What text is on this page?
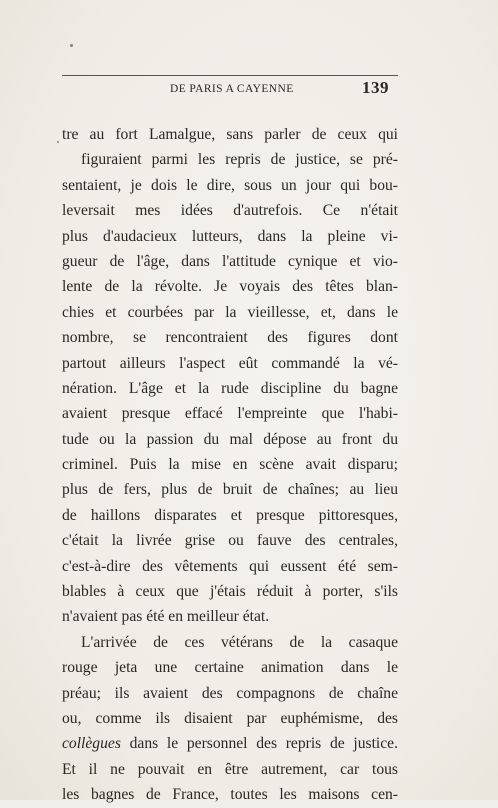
DE PARIS A CAYENNE	139
tre au fort Lamalgue, sans parler de ceux qui
figuraient parmi les repris de justice, se pré-
sentaient, je dois le dire, sous un jour qui bou-
leversait mes idées d'autrefois. Ce n'était
plus d'audacieux lutteurs, dans la pleine vi-
gueur de l'âge, dans l'attitude cynique et vio-
lente de la révolte. Je voyais des têtes blan-
chies et courbées par la vieillesse, et, dans le
nombre, se rencontraient des figures dont
partout ailleurs l'aspect eût commandé la vé-
nération. L'âge et la rude discipline du bagne
avaient presque effacé l'empreinte que l'habi-
tude ou la passion du mal dépose au front du
criminel. Puis la mise en scène avait disparu;
plus de fers, plus de bruit de chaînes; au lieu
de haillons disparates et presque pittoresques,
c'était la livrée grise ou fauve des centrales,
c'est-à-dire des vêtements qui eussent été sem-
blables à ceux que j'étais réduit à porter, s'ils
n'avaient pas été en meilleur état.
L'arrivée de ces vétérans de la casaque
rouge jeta une certaine animation dans le
préau; ils avaient des compagnons de chaîne
ou, comme ils disaient par euphémisme, des
collègues dans le personnel des repris de justice.
Et il ne pouvait en être autrement, car tous
les bagnes de France, toutes les maisons cen-
